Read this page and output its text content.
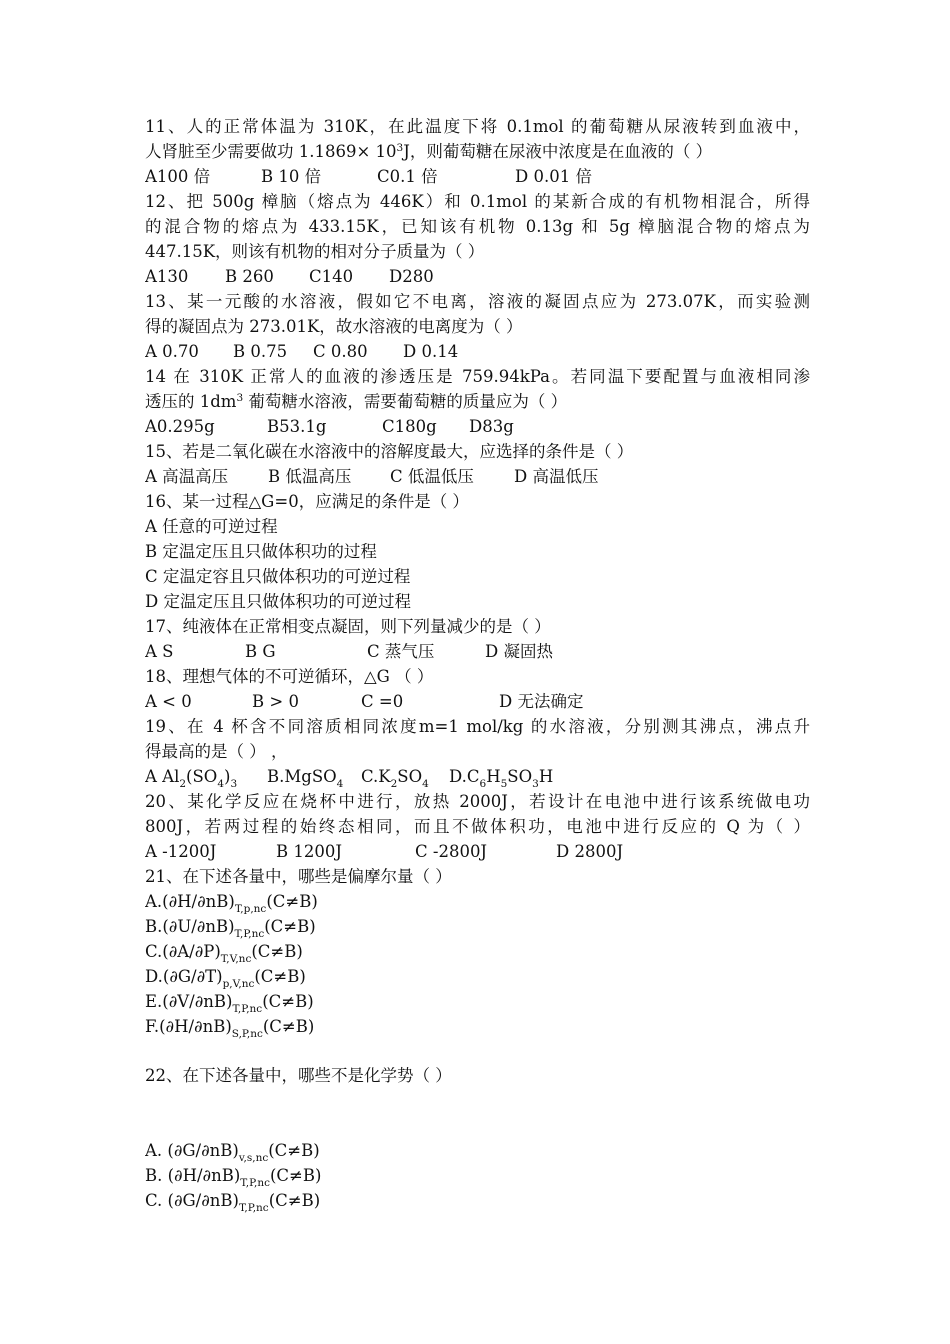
11、人的正常体温为 310K，在此温度下将 0.1mol 的葡萄糖从尿液转到血液中，
人肾脏至少需要做功 $1.1869\times 10^3J$，则葡萄糖在尿液中浓度是在血液的（ ）
A100 倍	B 10 倍	C0.1 倍	D 0.01 倍
12、把 500g 樟脑（熔点为 446K）和 0.1mol 的某新合成的有机物相混合，所得
的混合物的熔点为 433.15K，已知该有机物 0.13g 和 5g 樟脑混合物的熔点为
447.15K，则该有机物的相对分子质量为（ ）
A130 B 260 C140 D280
13、某一元酸的水溶液，假如它不电离，溶液的凝固点应为 273.07K，而实验测
得的凝固点为 273.01K，故水溶液的电离度为（ ）
A 0.70 B 0.75 C 0.80 D 0.14
14 在 310K 正常人的血液的渗透压是 759.94kPa。若同温下要配置与血液相同渗
透压的 $1dm^3$ 葡萄糖水溶液，需要葡萄糖的质量应为（ ）
A0.295g	B53.1g	C180g D83g
15、若是二氧化碳在水溶液中的溶解度最大，应选择的条件是（ ）
A 高温高压 B 低温高压 C 低温低压 D 高温低压
16、某一过程△G=0，应满足的条件是（ ）
A 任意的可逆过程
B 定温定压且只做体积功的过程
C 定温定容且只做体积功的可逆过程
D 定温定压且只做体积功的可逆过程
17、纯液体在正常相变点凝固，则下列量减少的是（ ）
A S	B G	C 蒸气压	D 凝固热
18、理想气体的不可逆循环，△G （ ）
A < 0	B > 0	C =0	D 无法确定
19、在 4 杯含不同溶质相同浓度m=1 mol/kg 的水溶液，分别测其沸点，沸点升
得最高的是（ ） ，
A $Al_2(SO_4)_3$ B.MgSO$_4$ $C.K_2SO_4$ $D.C_6H_5SO_3H$
20、某化学反应在烧杯中进行，放热 2000J，若设计在电池中进行该系统做电功
800J，若两过程的始终态相同，而且不做体积功，电池中进行反应的 Q 为（ ）
A -1200J	B 1200J	C -2800J	D 2800J
21、在下述各量中，哪些是偏摩尔量（ ）
$A.(\partial H/\partial nB)_{T,p,nc}(C\ne B)$
$B.(\partial U/\partial nB)_{T,P,nc}(C\ne B)$
$C.(\partial A/\partial P)_{T,V,nc}(C\ne B)$
$D.(\partial G/\partial T)_{p,V,nc}(C\ne B)$
$E.(\partial V/\partial nB)_{T,P,nc}(C\ne B)$
$F.(\partial H/\partial nB)_{S,P,nc}(C\ne B)$
22、在下述各量中，哪些不是化学势（ ）
A. $(\partial G/\partial nB)_{v,s,nc}(C\ne B)$
B. $(\partial H/\partial nB)_{T,P,nc}(C\ne B)$
C. $(\partial G/\partial nB)_{T,P,nc}(C\ne B)$
